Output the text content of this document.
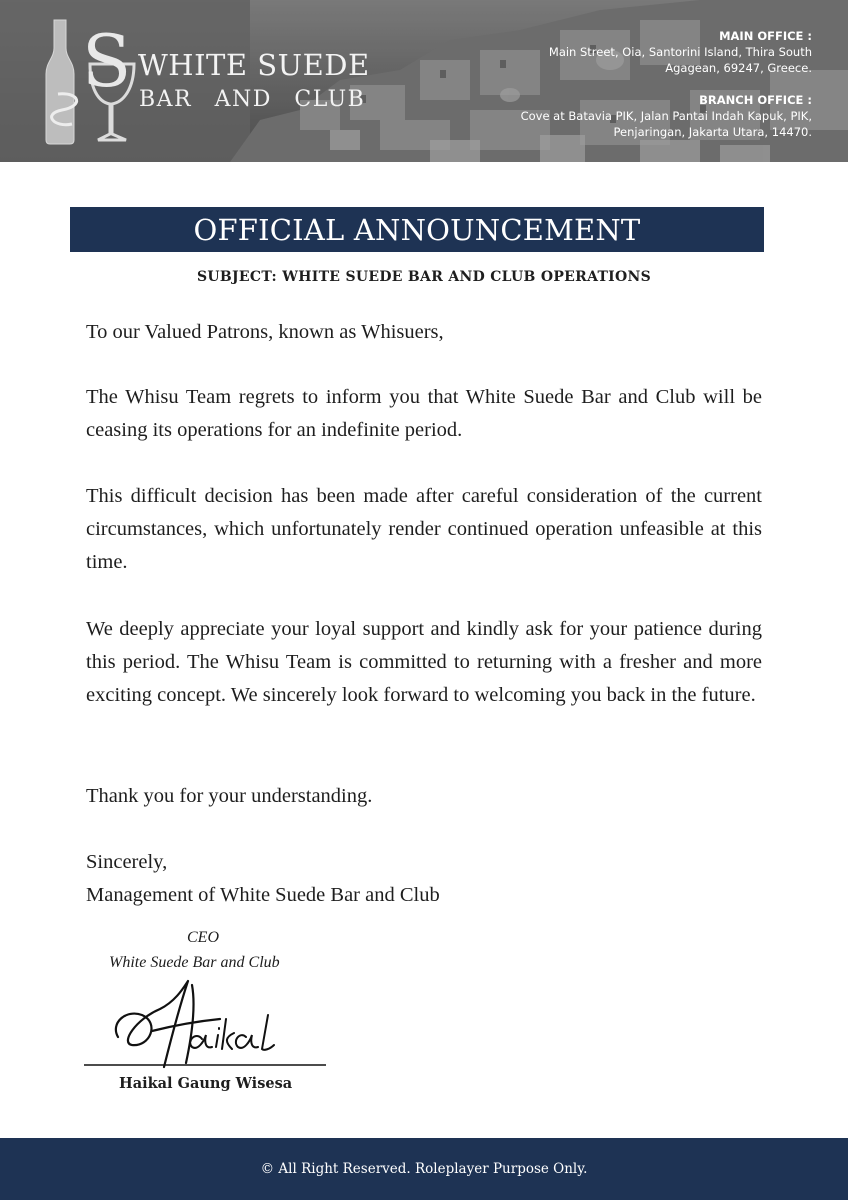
S WHITE SUEDE
BAR AND CLUB
MAIN OFFICE :
Main Street, Oia, Santorini Island, Thira South
Agagean, 69247, Greece.
BRANCH OFFICE :
Cove at Batavia PIK, Jalan Pantai Indah Kapuk, PIK,
Penjaringan, Jakarta Utara, 14470.
OFFICIAL ANNOUNCEMENT
SUBJECT: WHITE SUEDE BAR AND CLUB OPERATIONS

To our Valued Patrons, known as Whisuers,

The Whisu Team regrets to inform you that White Suede Bar and Club will be ceasing its operations for an indefinite period.

This difficult decision has been made after careful consideration of the current circumstances, which unfortunately render continued operation unfeasible at this time.

We deeply appreciate your loyal support and kindly ask for your patience during this period. The Whisu Team is committed to returning with a fresher and more exciting concept. We sincerely look forward to welcoming you back in the future.

Thank you for your understanding.

Sincerely,

Management of White Suede Bar and Club

CEO
White Suede Bar and Club
Haikal Gaung Wisesa
© All Right Reserved. Roleplayer Purpose Only.
